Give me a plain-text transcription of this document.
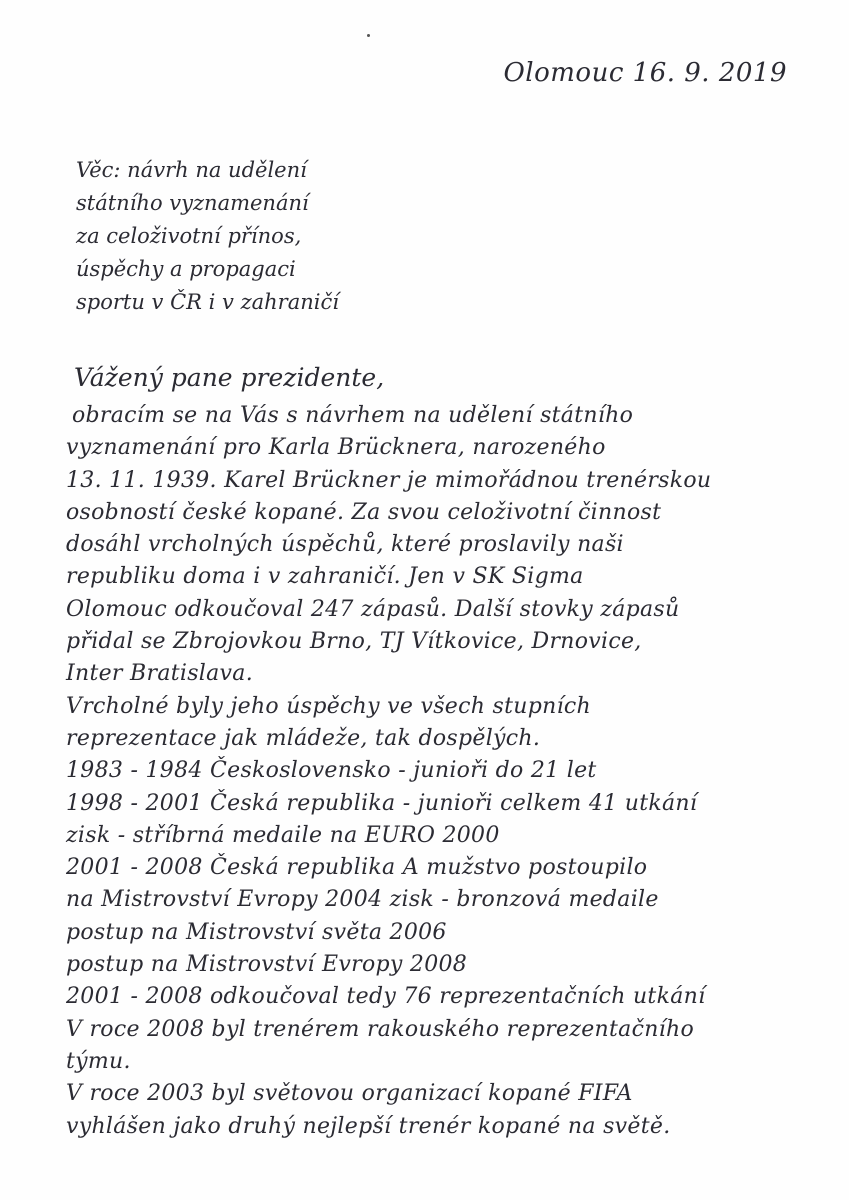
Olomouc 16. 9. 2019
Věc: návrh na udělení
státního vyznamenání
za celoživotní přínos,
úspěchy a propagaci
sportu v ČR i v zahraničí
Vážený pane prezidente,
obracím se na Vás s návrhem na udělení státního
vyznamenání pro Karla Brücknera, narozeného
13. 11. 1939. Karel Brückner je mimořádnou trenérskou
osobností české kopané. Za svou celoživotní činnost
dosáhl vrcholných úspěchů, které proslavily naši
republiku doma i v zahraničí. Jen v SK Sigma
Olomouc odkoučoval 247 zápasů. Další stovky zápasů
přidal se Zbrojovkou Brno, TJ Vítkovice, Drnovice,
Inter Bratislava.
Vrcholné byly jeho úspěchy ve všech stupních
reprezentace jak mládeže, tak dospělých.
1983 - 1984 Československo - junioři do 21 let
1998 - 2001 Česká republika - junioři celkem 41 utkání
zisk - stříbrná medaile na EURO 2000
2001 - 2008 Česká republika A mužstvo postoupilo
na Mistrovství Evropy 2004 zisk - bronzová medaile
postup na Mistrovství světa 2006
postup na Mistrovství Evropy 2008
2001 - 2008 odkoučoval tedy 76 reprezentačních utkání
V roce 2008 byl trenérem rakouského reprezentačního
týmu.
V roce 2003 byl světovou organizací kopané FIFA
vyhlášen jako druhý nejlepší trenér kopané na světě.
